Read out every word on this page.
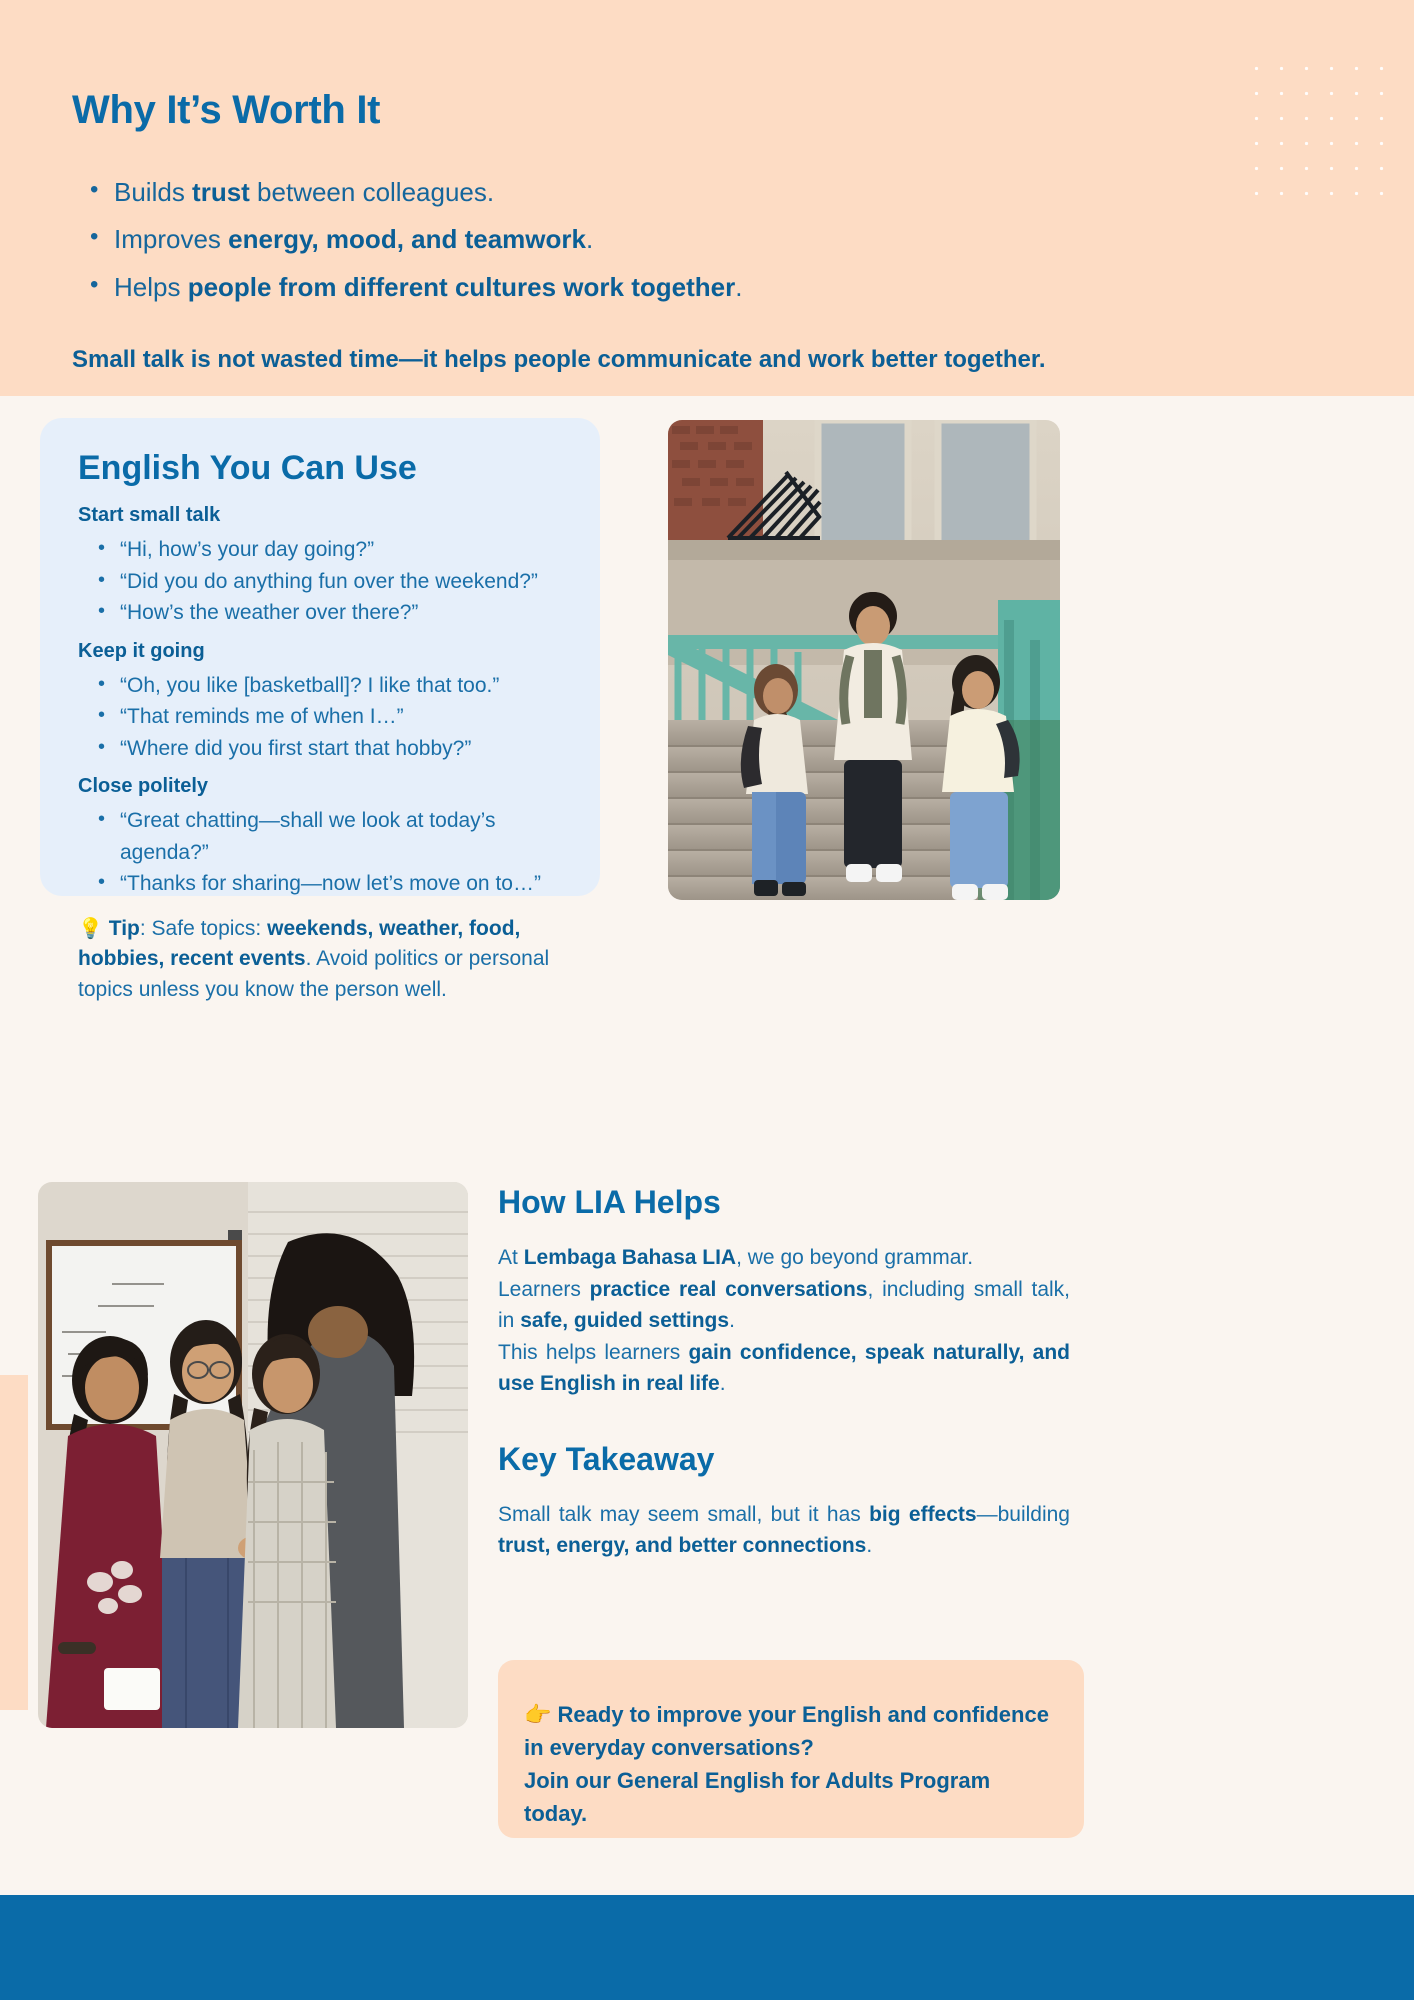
Why It’s Worth It
• Builds trust between colleagues.
• Improves energy, mood, and teamwork.
• Helps people from different cultures work together.

Small talk is not wasted time—it helps people communicate and work better together.

English You Can Use

Start small talk

• “Hi, how’s your day going?”
• “Did you do anything fun over the weekend?”
• “How’s the weather over there?”

Keep it going

• “Oh, you like [basketball]? I like that too.”
• “That reminds me of when I…”
• “Where did you first start that hobby?”

Close politely

• “Great chatting—shall we look at today’s agenda?”
• “Thanks for sharing—now let’s move on to…”

💡 Tip: Safe topics: weekends, weather, food, hobbies, recent events. Avoid politics or personal topics unless you know the person well.

How LIA Helps

At Lembaga Bahasa LIA, we go beyond grammar.
Learners practice real conversations, including small talk, in safe, guided settings.
This helps learners gain confidence, speak naturally, and use English in real life.

Key Takeaway

Small talk may seem small, but it has big effects—building trust, energy, and better connections.

👉 Ready to improve your English and confidence
in everyday conversations?
Join our General English for Adults Program today.
